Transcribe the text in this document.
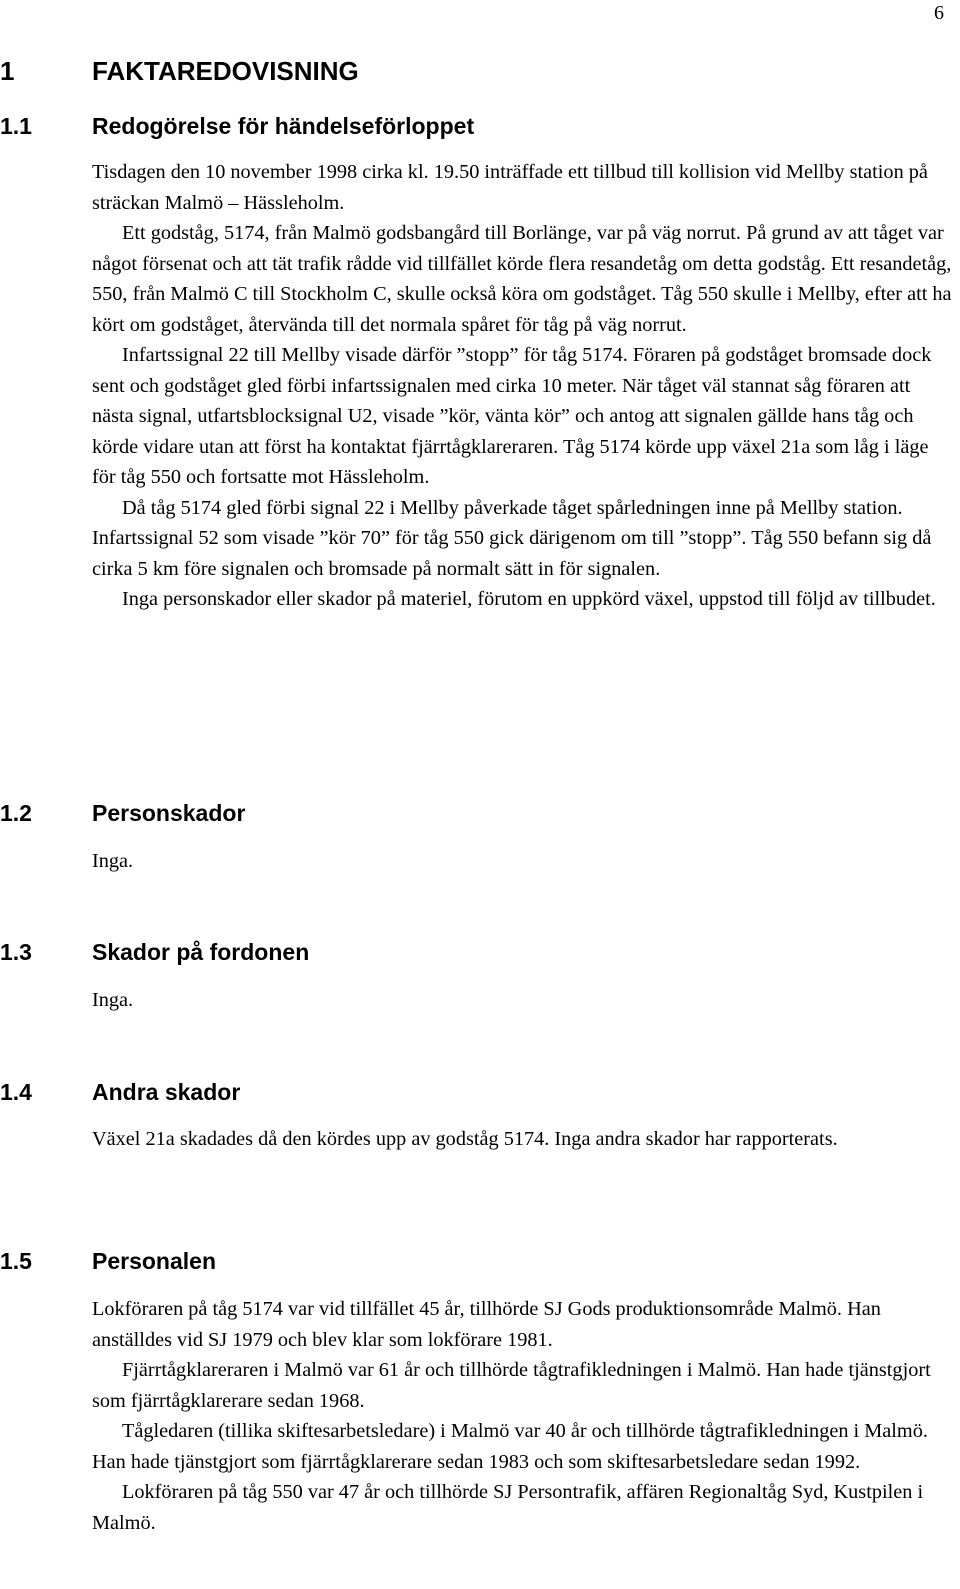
6
1	FAKTAREDOVISNING
1.1	Redogörelse för händelseförloppet

Tisdagen den 10 november 1998 cirka kl. 19.50 inträffade ett tillbud till kollision vid Mellby station på sträckan Malmö – Hässleholm.

Ett godståg, 5174, från Malmö godsbangård till Borlänge, var på väg norrut. På grund av att tåget var något försenat och att tät trafik rådde vid tillfället körde flera resandetåg om detta godståg. Ett resandetåg, 550, från Malmö C till Stockholm C, skulle också köra om godståget. Tåg 550 skulle i Mellby, efter att ha kört om godståget, återvända till det normala spåret för tåg på väg norrut.

Infartssignal 22 till Mellby visade därför ”stopp” för tåg 5174. Föraren på godståget bromsade dock sent och godståget gled förbi infartssignalen med cirka 10 meter. När tåget väl stannat såg föraren att nästa signal, utfartsblocksignal U2, visade ”kör, vänta kör” och antog att signalen gällde hans tåg och körde vidare utan att först ha kontaktat fjärrtågklareraren. Tåg 5174 körde upp växel 21a som låg i läge för tåg 550 och fortsatte mot Hässleholm.

Då tåg 5174 gled förbi signal 22 i Mellby påverkade tåget spårledningen inne på Mellby station. Infartssignal 52 som visade ”kör 70” för tåg 550 gick därigenom om till ”stopp”. Tåg 550 befann sig då cirka 5 km före signalen och bromsade på normalt sätt in för signalen.

Inga personskador eller skador på materiel, förutom en uppkörd växel, uppstod till följd av tillbudet.

1.2	Personskador

Inga.

1.3	Skador på fordonen

Inga.

1.4	Andra skador

Växel 21a skadades då den kördes upp av godståg 5174. Inga andra skador har rapporterats.

1.5	Personalen

Lokföraren på tåg 5174 var vid tillfället 45 år, tillhörde SJ Gods produktionsområde Malmö. Han anställdes vid SJ 1979 och blev klar som lokförare 1981.

Fjärrtågklareraren i Malmö var 61 år och tillhörde tågtrafikledningen i Malmö. Han hade tjänstgjort som fjärrtågklarerare sedan 1968.

Tågledaren (tillika skiftesarbetsledare) i Malmö var 40 år och tillhörde tågtrafikledningen i Malmö. Han hade tjänstgjort som fjärrtågklarerare sedan 1983 och som skiftesarbetsledare sedan 1992.

Lokföraren på tåg 550 var 47 år och tillhörde SJ Persontrafik, affären Regionaltåg Syd, Kustpilen i Malmö.
